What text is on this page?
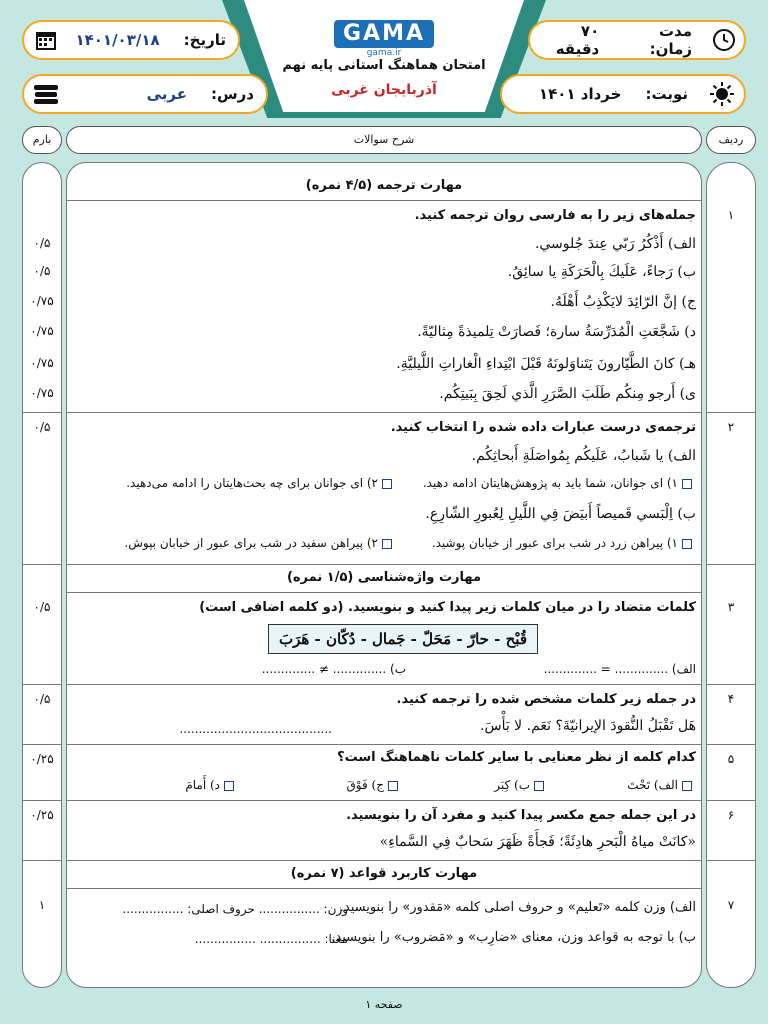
GAMA
gama.ir
امتحان هماهنگ استانی پایه نهم
آذربایجان غربی
مدت زمان:
۷۰ دقیقه
نوبت:
خرداد ۱۴۰۱
تاریخ:
۱۴۰۱/۰۳/۱۸
درس:
عربی
ردیف
شرح سوالات
بارم
مهارت ترجمه (۴/۵ نمره)
۱
جمله‌های زیر را به فارسی روان ترجمه کنید.
الف) أَذْكُرُ رَبّي عِندَ جُلوسي.
۰/۵
ب) رَجاءً، عَلَيكَ بِالْحَرَكَةِ يا سائِقُ.
۰/۵
ج) إنَّ الرّائِدَ لايَكْذِبُ أَهْلَهُ.
۰/۷۵
د) شَجَّعَتِ الْمُدَرِّسَةُ سارة؛ فَصارَتْ تِلميذةً مِثاليّةً.
۰/۷۵
هـ) كانَ الطَّيّارونَ يَتَناوَلونَهُ قَبْلَ ابْتِداءِ الْغاراتِ اللَّيليَّةِ.
۰/۷۵
ی) أَرجو مِنكُم طَلَبَ الصَّرَرِ الَّذي لَحِقَ بِبَيتِكُم.
۰/۷۵
۲
۰/۵	ترجمه‌ی درست عبارات داده شده را انتخاب کنید.
الف) يا شَبابُ، عَلَيكُم بِمُواصَلَةِ أَبحاثِكُم.
۱) ای جوانان، شما باید به پژوهش‌هایتان ادامه دهید.
۲) ای جوانان برای چه بحث‌هایتان را ادامه می‌دهید.
ب) اِلْبَسي قَميصاً أَبيَضَ فِي اللَّيلِ لِعُبورِ الشّارِعِ.
۱) پیراهن زرد در شب برای عبور از خیابان پوشید.
۲) پیراهن سفید در شب برای عبور از خیابان بپوش.
مهارت واژه‌شناسی (۱/۵ نمره)
۳
۰/۵	کلمات متضاد را در میان کلمات زیر پیدا کنید و بنویسید. (دو کلمه اضافی است)
قُبْح - حارّ - مَحَلّ - جَمال - دُكّان - هَرَبَ
الف) .............. = ..............
ب) .............. ≠ ..............
۴
۰/۵	در جمله زیر کلمات مشخص شده را ترجمه کنید.
هَل تَقْبَلُ النُّقودَ الإيرانيّةَ؟ نَعَم. لا بَأْسَ.
........................................
۵
۰/۲۵	کدام کلمه از نظر معنایی با سایر کلمات ناهماهنگ است؟
الف) تَحْتَ
ب) كِبَر
ج) فَوْقَ
د) أَمامَ
۶
۰/۲۵	در این جمله جمع مکسر پیدا کنید و مفرد آن را بنویسید.
«كانَتْ مياهُ الْبَحرِ هادِئَةً؛ فَجأَةً ظَهَرَ سَحابٌ فِي السَّماءِ»
مهارت کاربرد قواعد (۷ نمره)
۷
۱	الف) وزن کلمه «تَعليم» و حروف اصلی کلمه «مَقدور» را بنویسید.
وزن: ................ حروف اصلی: ................
ب) با توجه به قواعد وزن، معنای «ضارِب» و «مَضروب» را بنویسید.
معنا: ................ ................
صفحه ۱
